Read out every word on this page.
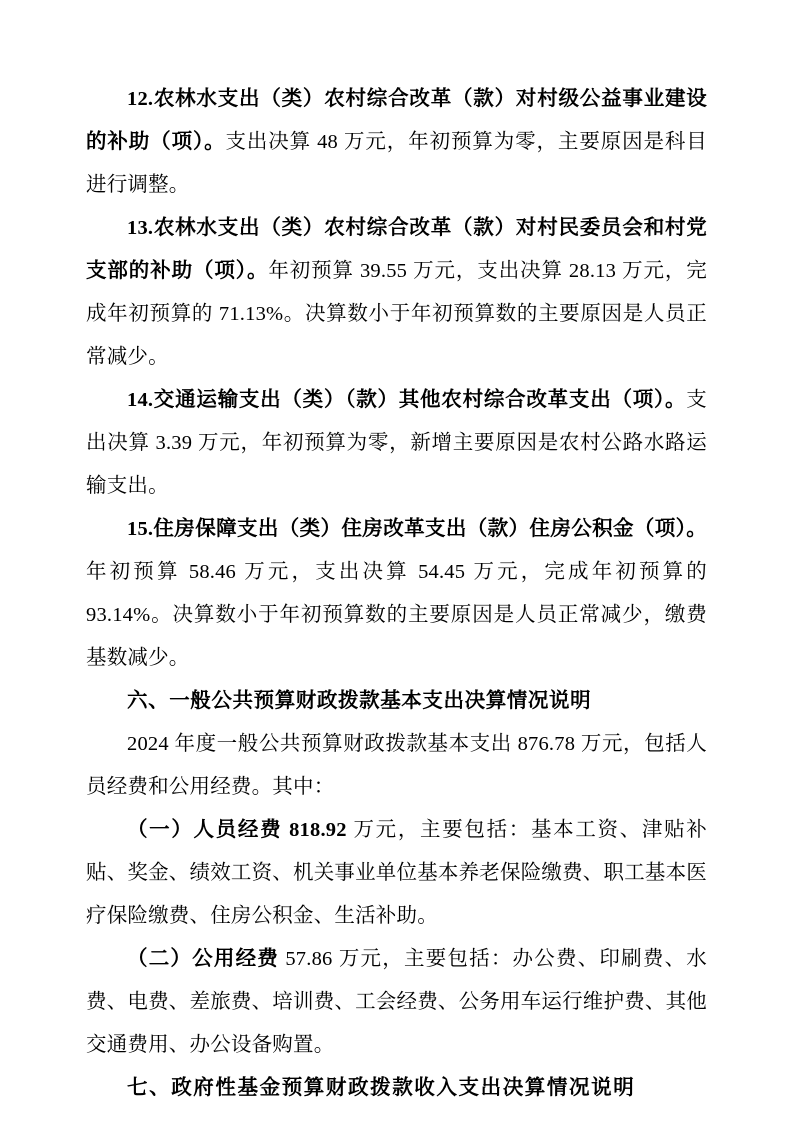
12.农林水支出（类）农村综合改革（款）对村级公益事业建设的补助（项）。支出决算 48 万元，年初预算为零，主要原因是科目进行调整。

13.农林水支出（类）农村综合改革（款）对村民委员会和村党支部的补助（项）。年初预算 39.55 万元，支出决算 28.13 万元，完成年初预算的 71.13%。决算数小于年初预算数的主要原因是人员正常减少。

14.交通运输支出（类）（款）其他农村综合改革支出（项）。支出决算 3.39 万元，年初预算为零，新增主要原因是农村公路水路运输支出。

15.住房保障支出（类）住房改革支出（款）住房公积金（项）。年初预算 58.46 万元，支出决算 54.45 万元，完成年初预算的 93.14%。决算数小于年初预算数的主要原因是人员正常减少，缴费基数减少。

六、一般公共预算财政拨款基本支出决算情况说明

2024 年度一般公共预算财政拨款基本支出 876.78 万元，包括人员经费和公用经费。其中：

（一）人员经费 818.92 万元，主要包括：基本工资、津贴补贴、奖金、绩效工资、机关事业单位基本养老保险缴费、职工基本医疗保险缴费、住房公积金、生活补助。

（二）公用经费 57.86 万元，主要包括：办公费、印刷费、水费、电费、差旅费、培训费、工会经费、公务用车运行维护费、其他交通费用、办公设备购置。

七、政府性基金预算财政拨款收入支出决算情况说明
